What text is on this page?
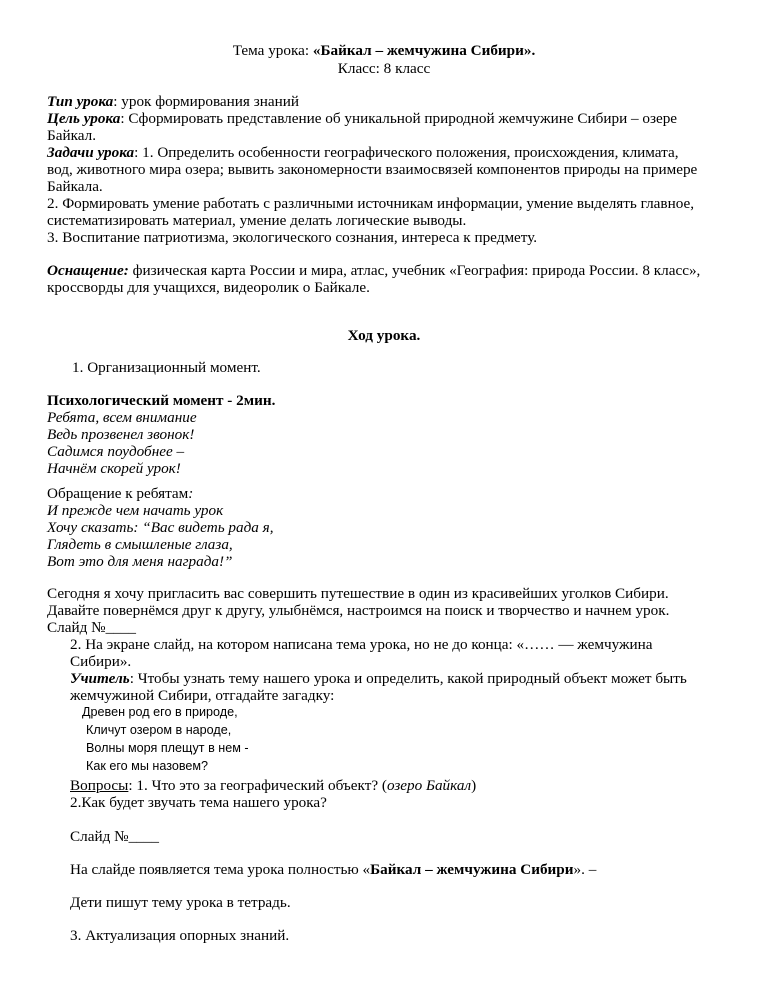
Тема урока: «Байкал – жемчужина Сибири».
Класс: 8 класс
Тип урока: урок формирования знаний
Цель урока: Сформировать представление об уникальной природной жемчужине Сибири – озере
Байкал.
Задачи урока: 1. Определить особенности географического положения, происхождения, климата,
вод, животного мира озера; вывить закономерности взаимосвязей компонентов природы на примере
Байкала.
2. Формировать умение работать с различными источникам информации, умение выделять главное,
систематизировать материал, умение делать логические выводы.
3. Воспитание патриотизма, экологического сознания, интереса к предмету.
Оснащение: физическая карта России и мира, атлас, учебник «География: природа России. 8 класс»,
кроссворды для учащихся, видеоролик о Байкале.
Ход урока.
1. Организационный момент.
Психологический момент - 2мин.
Ребята, всем внимание
Ведь прозвенел звонок!
Садимся поудобнее –
Начнём скорей урок!
Обращение к ребятам:
И прежде чем начать урок
Хочу сказать: “Вас видеть рада я,
Глядеть в смышленые глаза,
Вот это для меня награда!”
Сегодня я хочу пригласить вас совершить путешествие в один из красивейших уголков Сибири.
Давайте повернёмся друг к другу, улыбнёмся, настроимся на поиск и творчество и начнем урок.
Слайд №____
2. На экране слайд, на котором написана тема урока, но не до конца: «…… — жемчужина
Сибири».
Учитель: Чтобы узнать тему нашего урока и определить, какой природный объект может быть
жемчужиной Сибири, отгадайте загадку:
Древен род его в природе,
Кличут озером в народе,
Волны моря плещут в нем -
Как его мы назовем?
Вопросы: 1. Что это за географический объект? (озеро Байкал)
2.Как будет звучать тема нашего урока?
Слайд №____
На слайде появляется тема урока полностью «Байкал – жемчужина Сибири». –
Дети пишут тему урока в тетрадь.
3. Актуализация опорных знаний.
